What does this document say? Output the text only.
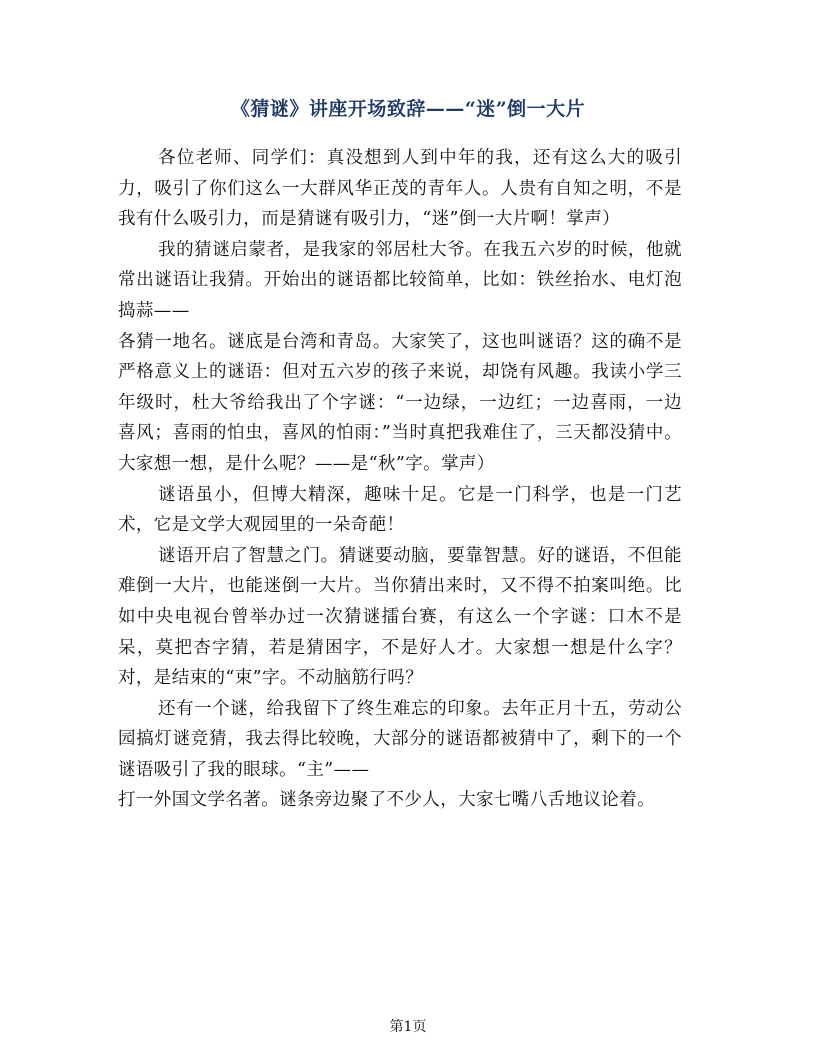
《猜谜》讲座开场致辞——“迷”倒一大片

各位老师、同学们：真没想到人到中年的我，还有这么大的吸引力，吸引了你们这么一大群风华正茂的青年人。人贵有自知之明，不是我有什么吸引力，而是猜谜有吸引力，“迷”倒一大片啊！掌声）

我的猜谜启蒙者，是我家的邻居杜大爷。在我五六岁的时候，他就常出谜语让我猜。开始出的谜语都比较简单，比如：铁丝抬水、电灯泡捣蒜——

各猜一地名。谜底是台湾和青岛。大家笑了，这也叫谜语？这的确不是严格意义上的谜语：但对五六岁的孩子来说，却饶有风趣。我读小学三年级时，杜大爷给我出了个字谜：“一边绿，一边红；一边喜雨，一边喜风；喜雨的怕虫，喜风的怕雨：”当时真把我难住了，三天都没猜中。大家想一想，是什么呢？——是“秋”字。掌声）

谜语虽小，但博大精深，趣味十足。它是一门科学，也是一门艺术，它是文学大观园里的一朵奇葩！

谜语开启了智慧之门。猜谜要动脑，要靠智慧。好的谜语，不但能难倒一大片，也能迷倒一大片。当你猜出来时，又不得不拍案叫绝。比如中央电视台曾举办过一次猜谜擂台赛，有这么一个字谜：口木不是呆，莫把杏字猜，若是猜困字，不是好人才。大家想一想是什么字？对，是结束的“束”字。不动脑筋行吗？

还有一个谜，给我留下了终生难忘的印象。去年正月十五，劳动公园搞灯谜竞猜，我去得比较晚，大部分的谜语都被猜中了，剩下的一个谜语吸引了我的眼球。“主”——

打一外国文学名著。谜条旁边聚了不少人，大家七嘴八舌地议论着。

第1页
